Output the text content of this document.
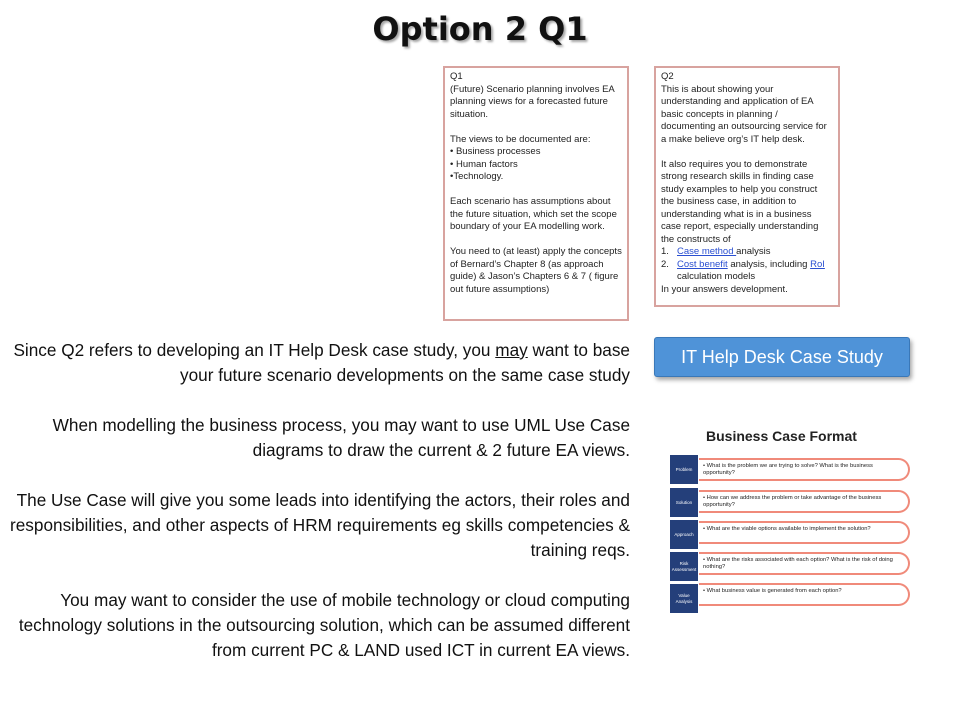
Option 2 Q1
Q1
(Future) Scenario planning involves EA planning views for a forecasted future situation.

The views to be documented are:
• Business processes
• Human factors
•Technology.

Each scenario has assumptions about the future situation, which set the scope boundary of your EA modelling work.

You need to (at least) apply the concepts of Bernard’s Chapter 8 (as approach guide) & Jason’s Chapters 6 & 7 ( figure out future assumptions)
Q2
This is about showing your understanding and application of EA basic concepts in planning / documenting an outsourcing service for a make believe org’s IT help desk.

It also requires you to demonstrate strong research skills in finding case study examples to help you construct the business case, in addition to understanding what is in a business case report, especially understanding the constructs of

1. Case method analysis
2. Cost benefit analysis, including RoI
calculation models
In your answers development.

Since Q2 refers to developing an IT Help Desk case study, you may want to base your future scenario developments on the same case study

When modelling the business process, you may want to use UML Use Case diagrams to draw the current & 2 future EA views.

The Use Case will give you some leads into identifying the actors, their roles and responsibilities, and other aspects of HRM requirements eg skills competencies & training reqs.

You may want to consider the use of mobile technology or cloud computing technology solutions in the outsourcing solution, which can be assumed different from current PC & LAND used ICT in current EA views.

IT Help Desk Case Study
Business Case Format
Problem	• What is the problem we are trying to solve? What is the business opportunity?
Solution
• How can we address the problem or take advantage of the business opportunity?
Approach
• What are the viable options available to implement the solution?
Risk Assessment
• What are the risks associated with each option? What is the risk of doing nothing?
Value Analysis
• What business value is generated from each option?
